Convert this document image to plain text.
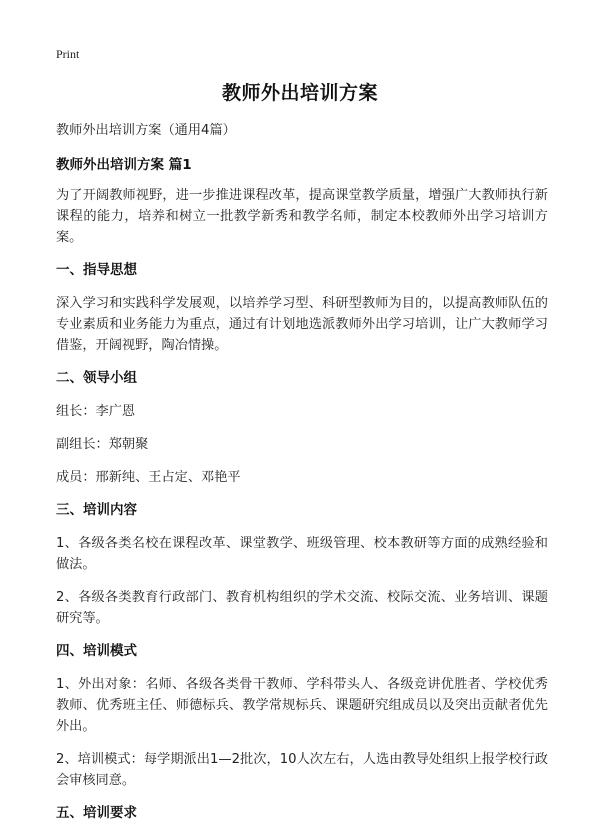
Print
教师外出培训方案

教师外出培训方案（通用4篇）

教师外出培训方案 篇1

为了开阔教师视野，进一步推进课程改革，提高课堂教学质量，增强广大教师执行新课程的能力，培养和树立一批教学新秀和教学名师，制定本校教师外出学习培训方案。

一、指导思想

深入学习和实践科学发展观，以培养学习型、科研型教师为目的，以提高教师队伍的专业素质和业务能力为重点，通过有计划地选派教师外出学习培训，让广大教师学习借鉴，开阔视野，陶冶情操。

二、领导小组

组长：李广恩

副组长：郑朝聚

成员：邢新纯、王占定、邓艳平

三、培训内容

1、各级各类名校在课程改革、课堂教学、班级管理、校本教研等方面的成熟经验和做法。

2、各级各类教育行政部门、教育机构组织的学术交流、校际交流、业务培训、课题研究等。

四、培训模式

1、外出对象：名师、各级各类骨干教师、学科带头人、各级竞讲优胜者、学校优秀教师、优秀班主任、师德标兵、教学常规标兵、课题研究组成员以及突出贡献者优先外出。

2、培训模式：每学期派出1—2批次，10人次左右，人选由教导处组织上报学校行政会审核同意。

五、培训要求
